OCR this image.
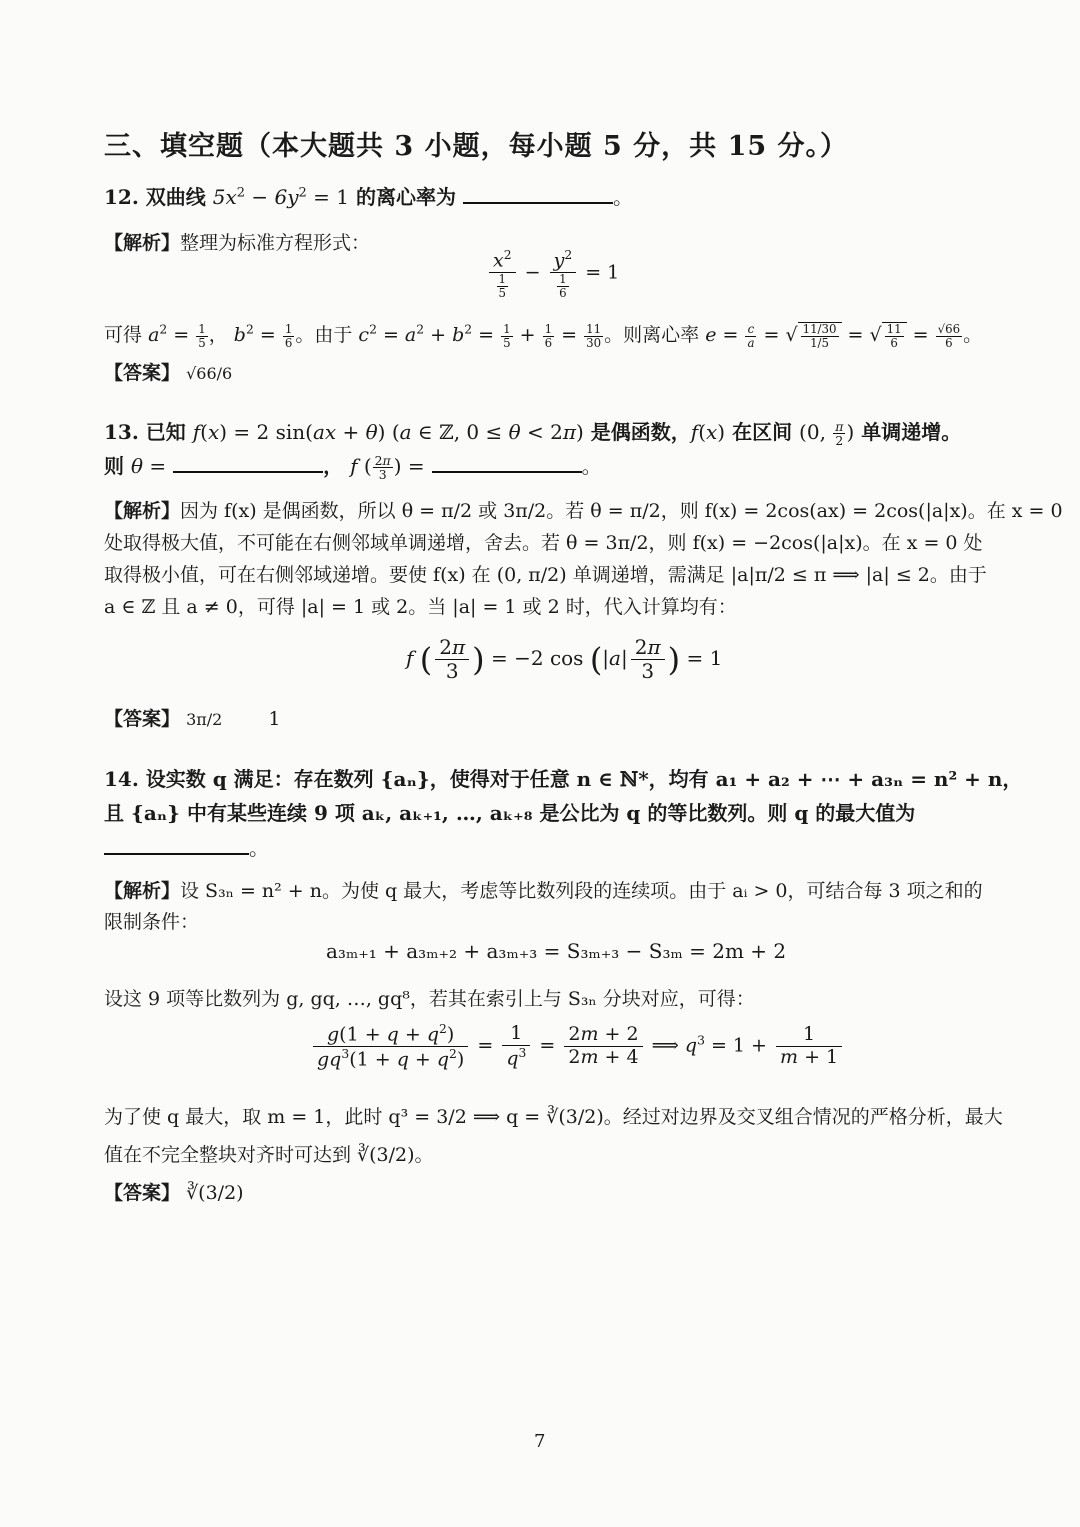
三、填空题（本大题共 3 小题，每小题 5 分，共 15 分。）
12. 双曲线 $5x^2 - 6y^2 = 1$ 的离心率为	。
【解析】整理为标准方程形式：
$\frac{x^2}{\frac{1}{5}} - \frac{y^2}{\frac{1}{6}} = 1$
可得 $a^2 = \frac{1}{5}$ ， $b^2 = \frac{1}{6}$ 。由于 $c^2 = a^2 + b^2 = \frac{1}{5} + \frac{1}{6} = \frac{11}{30}$ 。则离心率 $e = \frac{c}{a}$ = √ $\frac{11/30}{1/5}$ = √ $\frac{11}{6} = \frac{√66}{6}$ 。
【答案】 √66/6
13. 已知 f(x) = 2 sin(ax + θ) (a ∈ ℤ, 0 ≤ θ < 2π) 是偶函数，f(x) 在区间 (0, $\frac{\pi}{2}$ ) 单调递增。
则 θ =	， f ( $\frac{2\pi}{3}$ ) =	。
【解析】因为 f(x) 是偶函数，所以 θ = π/2 或 3π/2。若 θ = π/2，则 f(x) = 2cos(ax) = 2cos(|a|x)。在 x = 0
处取得极大值，不可能在右侧邻域单调递增，舍去。若 θ = 3π/2，则 f(x) = −2cos(|a|x)。在 x = 0 处
取得极小值，可在右侧邻域递增。要使 f(x) 在 (0, π/2) 单调递增，需满足 |a|π/2 ≤ π ⟹ |a| ≤ 2。由于
a ∈ ℤ 且 a ≠ 0，可得 |a| = 1 或 2。当 |a| = 1 或 2 时，代入计算均有：
f ( $\frac{2\pi}{3}$ ) = −2 $\cos (|a| \frac{2\pi}{3}$ ) = 1
【答案】 3π/2 1
14. 设实数 q 满足：存在数列 {aₙ}，使得对于任意 n ∈ ℕ*，均有 a₁ + a₂ + ⋯ + a₃ₙ = n² + n，
且 {aₙ} 中有某些连续 9 项 aₖ, aₖ₊₁, …, aₖ₊₈ 是公比为 q 的等比数列。则 q 的最大值为
。
【解析】设 S₃ₙ = n² + n。为使 q 最大，考虑等比数列段的连续项。由于 aᵢ > 0，可结合每 3 项之和的
限制条件：
a₃ₘ₊₁ + a₃ₘ₊₂ + a₃ₘ₊₃ = S₃ₘ₊₃ − S₃ₘ = 2m + 2
设这 9 项等比数列为 g, gq, …, gq⁸，若其在索引上与 S₃ₙ 分块对应，可得：
$\frac{g(1 + q + q^2)}{gq^3(1 + q + q^2)} = \frac{1}{q^3} = \frac{2m + 2}{2m + 4}$ ⟹ $q^3 = 1 + \frac{1}{m + 1}$
为了使 q 最大，取 m = 1，此时 q³ = 3/2 ⟹ q = ∛(3/2)。经过对边界及交叉组合情况的严格分析，最大
值在不完全整块对齐时可达到 ∛(3/2)。
【答案】 ∛(3/2)
7
